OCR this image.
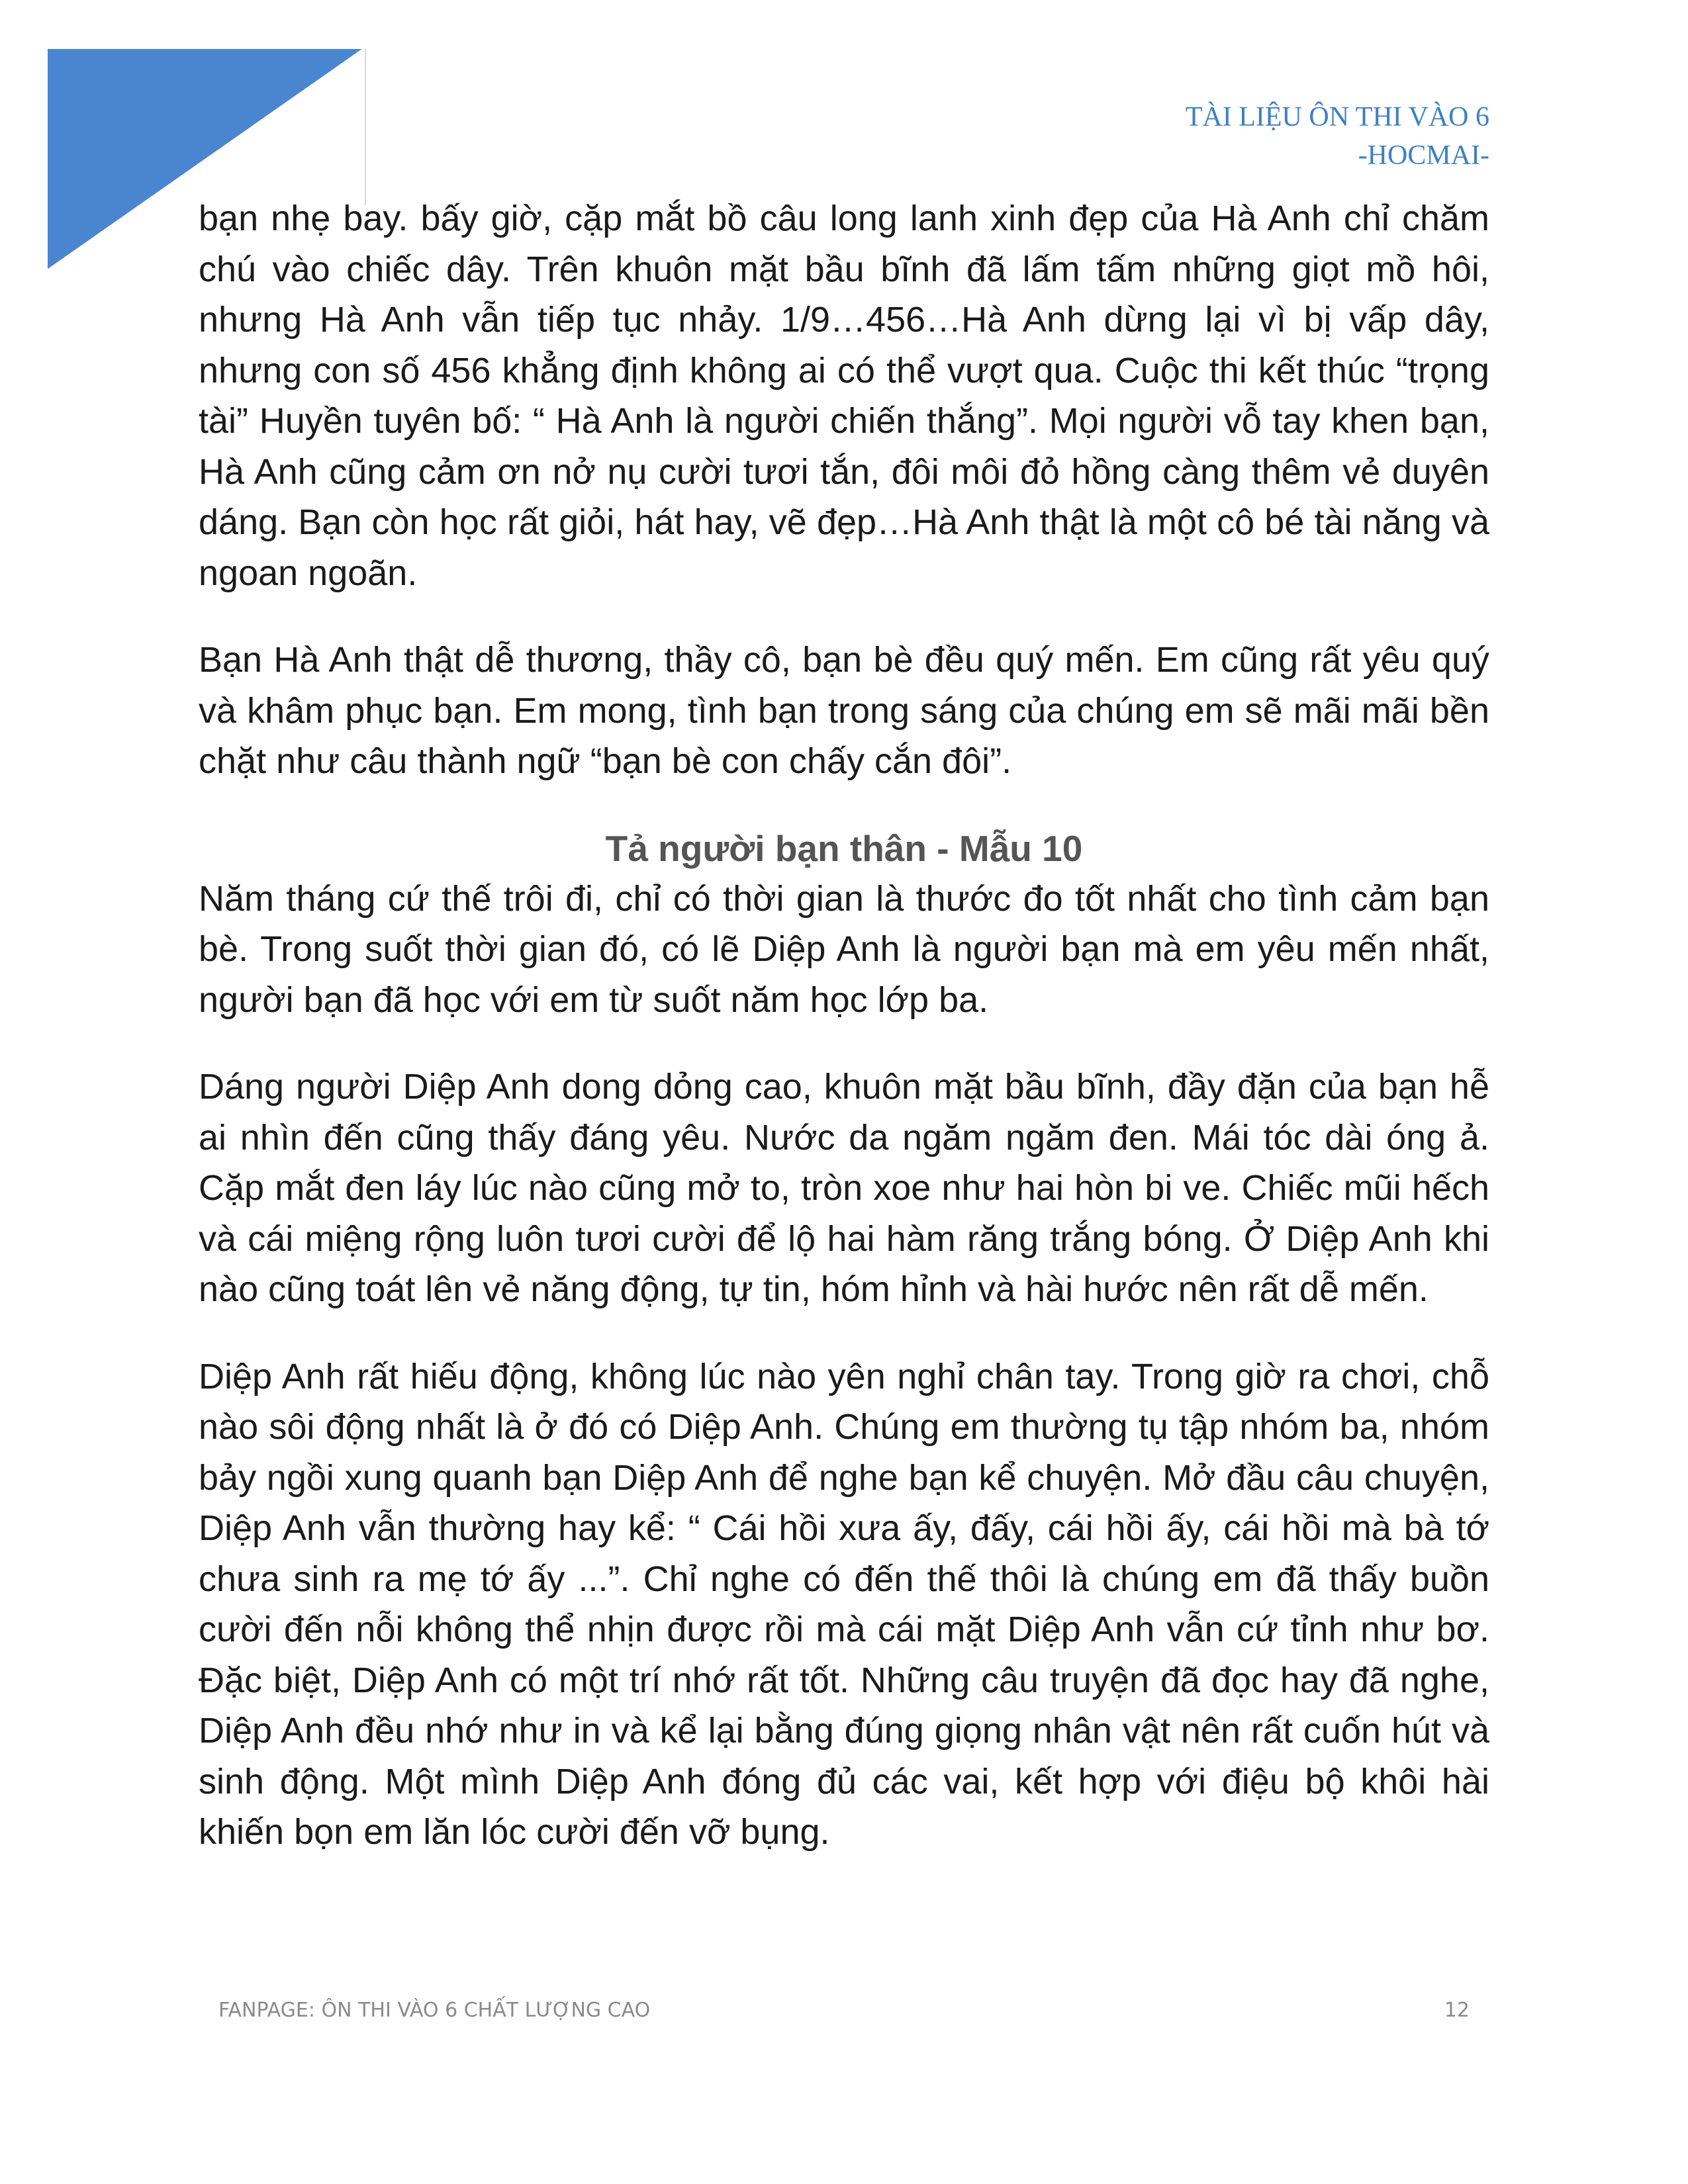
TÀI LIỆU ÔN THI VÀO 6
-HOCMAI-

bạn nhẹ bay. bấy giờ, cặp mắt bồ câu long lanh xinh đẹp của Hà Anh chỉ chăm chú vào chiếc dây. Trên khuôn mặt bầu bĩnh đã lấm tấm những giọt mồ hôi, nhưng Hà Anh vẫn tiếp tục nhảy. 1/9…456…Hà Anh dừng lại vì bị vấp dây, nhưng con số 456 khẳng định không ai có thể vượt qua. Cuộc thi kết thúc “trọng tài” Huyền tuyên bố: “ Hà Anh là người chiến thắng”. Mọi người vỗ tay khen bạn, Hà Anh cũng cảm ơn nở nụ cười tươi tắn, đôi môi đỏ hồng càng thêm vẻ duyên dáng. Bạn còn học rất giỏi, hát hay, vẽ đẹp…Hà Anh thật là một cô bé tài năng và ngoan ngoãn.

Bạn Hà Anh thật dễ thương, thầy cô, bạn bè đều quý mến. Em cũng rất yêu quý và khâm phục bạn. Em mong, tình bạn trong sáng của chúng em sẽ mãi mãi bền chặt như câu thành ngữ “bạn bè con chấy cắn đôi”.

Tả người bạn thân - Mẫu 10

Năm tháng cứ thế trôi đi, chỉ có thời gian là thước đo tốt nhất cho tình cảm bạn bè. Trong suốt thời gian đó, có lẽ Diệp Anh là người bạn mà em yêu mến nhất, người bạn đã học với em từ suốt năm học lớp ba.

Dáng người Diệp Anh dong dỏng cao, khuôn mặt bầu bĩnh, đầy đặn của bạn hễ ai nhìn đến cũng thấy đáng yêu. Nước da ngăm ngăm đen. Mái tóc dài óng ả. Cặp mắt đen láy lúc nào cũng mở to, tròn xoe như hai hòn bi ve. Chiếc mũi hếch và cái miệng rộng luôn tươi cười để lộ hai hàm răng trắng bóng. Ở Diệp Anh khi nào cũng toát lên vẻ năng động, tự tin, hóm hỉnh và hài hước nên rất dễ mến.

Diệp Anh rất hiếu động, không lúc nào yên nghỉ chân tay. Trong giờ ra chơi, chỗ nào sôi động nhất là ở đó có Diệp Anh. Chúng em thường tụ tập nhóm ba, nhóm bảy ngồi xung quanh bạn Diệp Anh để nghe bạn kể chuyện. Mở đầu câu chuyện, Diệp Anh vẫn thường hay kể: “ Cái hồi xưa ấy, đấy, cái hồi ấy, cái hồi mà bà tớ chưa sinh ra mẹ tớ ấy ...”. Chỉ nghe có đến thế thôi là chúng em đã thấy buồn cười đến nỗi không thể nhịn được rồi mà cái mặt Diệp Anh vẫn cứ tỉnh như bơ. Đặc biệt, Diệp Anh có một trí nhớ rất tốt. Những câu truyện đã đọc hay đã nghe, Diệp Anh đều nhớ như in và kể lại bằng đúng giọng nhân vật nên rất cuốn hút và sinh động. Một mình Diệp Anh đóng đủ các vai, kết hợp với điệu bộ khôi hài khiến bọn em lăn lóc cười đến vỡ bụng.

FANPAGE: ÔN THI VÀO 6 CHẤT LƯỢNG CAO	12
